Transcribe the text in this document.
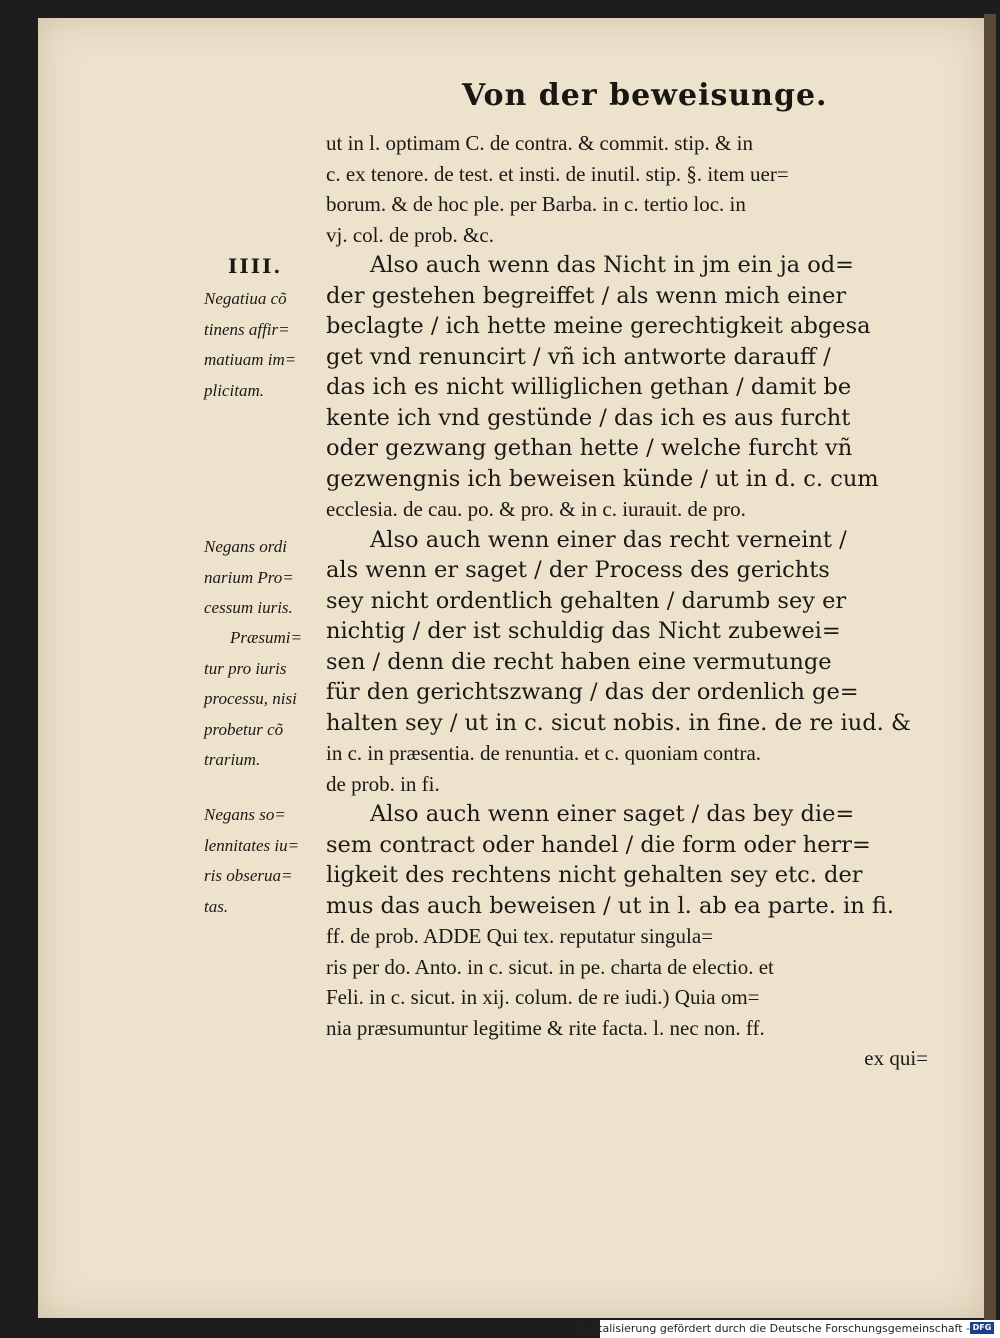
Von der beweisunge.
IIII.
Negatiua cõ
tinens affir=
matiuam im=
plicitam.
Negans ordi
narium Pro=
cessum iuris.
Præsumi=
tur pro iuris
processu, nisi
probetur cõ
trarium.
Negans so=
lennitates iu=
ris obserua=
tas.
ut in l. optimam C. de contra. & commit. stip. & in
c. ex tenore. de test. et insti. de inutil. stip. §. item uer=
borum. & de hoc ple. per Barba. in c. tertio loc. in
vj. col. de prob. &c.
Also auch wenn das Nicht in jm ein ja od=
der gestehen begreiffet / als wenn mich einer
beclagte / ich hette meine gerechtigkeit abgesa
get vnd renuncirt / vñ ich antworte darauff /
das ich es nicht williglichen gethan / damit be
kente ich vnd gestünde / das ich es aus furcht
oder gezwang gethan hette / welche furcht vñ
gezwengnis ich beweisen künde / ut in d. c. cum
ecclesia. de cau. po. & pro. & in c. iurauit. de pro.
Also auch wenn einer das recht verneint /
als wenn er saget / der Process des gerichts
sey nicht ordentlich gehalten / darumb sey er
nichtig / der ist schuldig das Nicht zubewei=
sen / denn die recht haben eine vermutunge
für den gerichtszwang / das der ordenlich ge=
halten sey / ut in c. sicut nobis. in fine. de re iud. &
in c. in præsentia. de renuntia. et c. quoniam contra.
de prob. in fi.
Also auch wenn einer saget / das bey die=
sem contract oder handel / die form oder herr=
ligkeit des rechtens nicht gehalten sey etc. der
mus das auch beweisen / ut in l. ab ea parte. in fi.
ff. de prob. ADDE Qui tex. reputatur singula=
ris per do. Anto. in c. sicut. in pe. charta de electio. et
Feli. in c. sicut. in xij. colum. de re iudi.) Quia om=
nia præsumuntur legitime & rite facta. l. nec non. ff.
ex qui=
Digitalisierung gefördert durch die Deutsche Forschungsgemeinschaft - DFG
